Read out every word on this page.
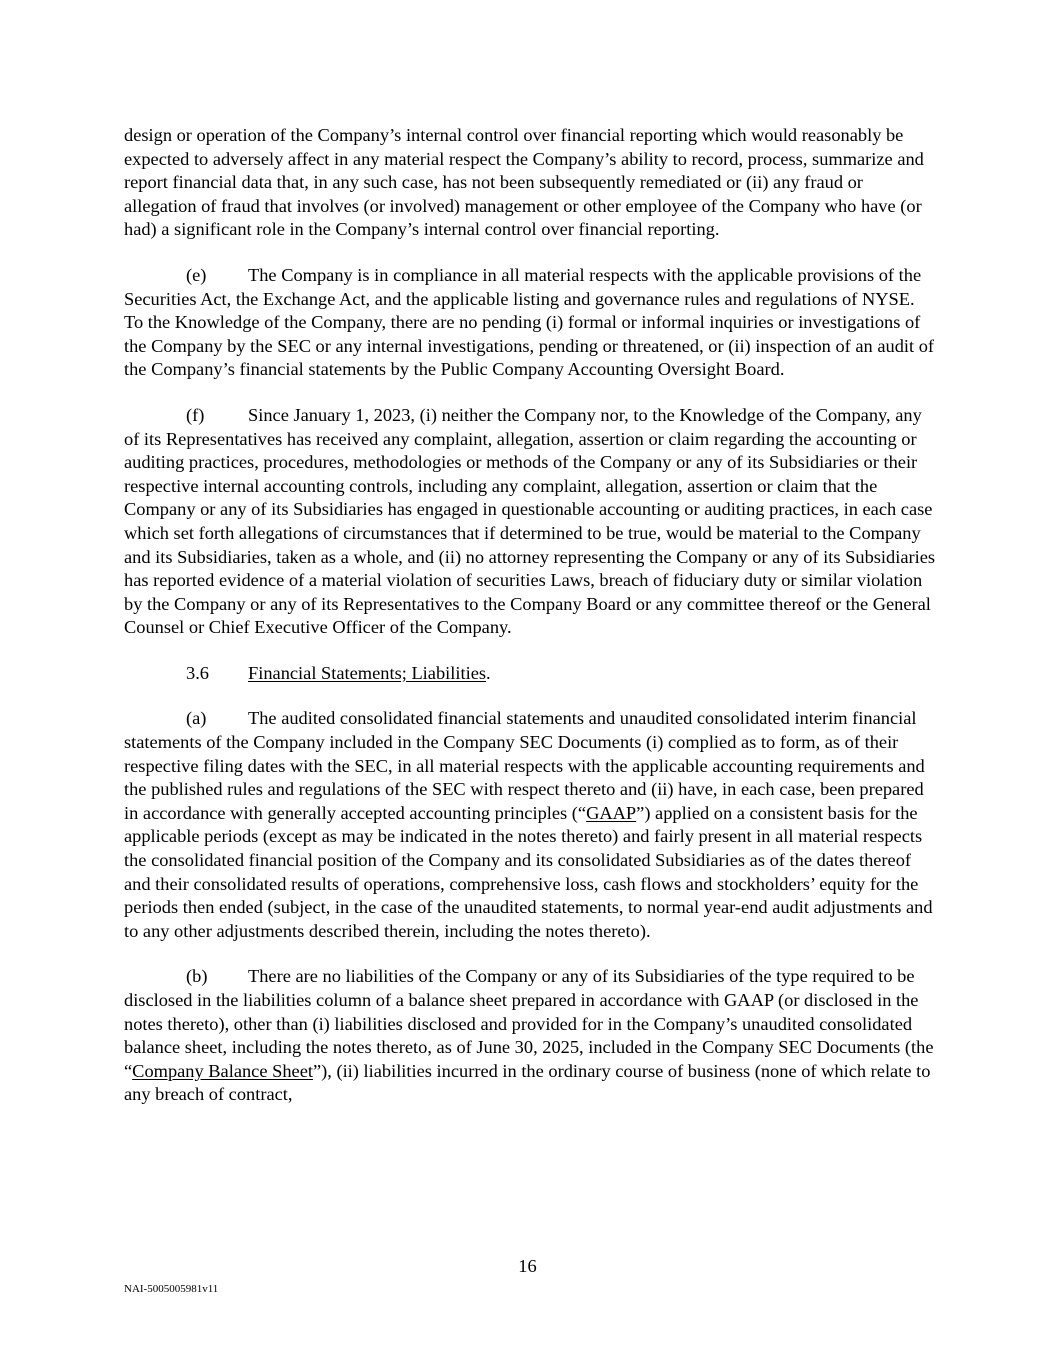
design or operation of the Company’s internal control over financial reporting which would reasonably be expected to adversely affect in any material respect the Company’s ability to record, process, summarize and report financial data that, in any such case, has not been subsequently remediated or (ii) any fraud or allegation of fraud that involves (or involved) management or other employee of the Company who have (or had) a significant role in the Company’s internal control over financial reporting.

(e) The Company is in compliance in all material respects with the applicable provisions of the Securities Act, the Exchange Act, and the applicable listing and governance rules and regulations of NYSE. To the Knowledge of the Company, there are no pending (i) formal or informal inquiries or investigations of the Company by the SEC or any internal investigations, pending or threatened, or (ii) inspection of an audit of the Company’s financial statements by the Public Company Accounting Oversight Board.

(f) Since January 1, 2023, (i) neither the Company nor, to the Knowledge of the Company, any of its Representatives has received any complaint, allegation, assertion or claim regarding the accounting or auditing practices, procedures, methodologies or methods of the Company or any of its Subsidiaries or their respective internal accounting controls, including any complaint, allegation, assertion or claim that the Company or any of its Subsidiaries has engaged in questionable accounting or auditing practices, in each case which set forth allegations of circumstances that if determined to be true, would be material to the Company and its Subsidiaries, taken as a whole, and (ii) no attorney representing the Company or any of its Subsidiaries has reported evidence of a material violation of securities Laws, breach of fiduciary duty or similar violation by the Company or any of its Representatives to the Company Board or any committee thereof or the General Counsel or Chief Executive Officer of the Company.

3.6 Financial Statements; Liabilities.

(a) The audited consolidated financial statements and unaudited consolidated interim financial statements of the Company included in the Company SEC Documents (i) complied as to form, as of their respective filing dates with the SEC, in all material respects with the applicable accounting requirements and the published rules and regulations of the SEC with respect thereto and (ii) have, in each case, been prepared in accordance with generally accepted accounting principles (“GAAP”) applied on a consistent basis for the applicable periods (except as may be indicated in the notes thereto) and fairly present in all material respects the consolidated financial position of the Company and its consolidated Subsidiaries as of the dates thereof and their consolidated results of operations, comprehensive loss, cash flows and stockholders’ equity for the periods then ended (subject, in the case of the unaudited statements, to normal year-end audit adjustments and to any other adjustments described therein, including the notes thereto).

(b) There are no liabilities of the Company or any of its Subsidiaries of the type required to be disclosed in the liabilities column of a balance sheet prepared in accordance with GAAP (or disclosed in the notes thereto), other than (i) liabilities disclosed and provided for in the Company’s unaudited consolidated balance sheet, including the notes thereto, as of June 30, 2025, included in the Company SEC Documents (the “Company Balance Sheet”), (ii) liabilities incurred in the ordinary course of business (none of which relate to any breach of contract,

16
NAI-5005005981v11
